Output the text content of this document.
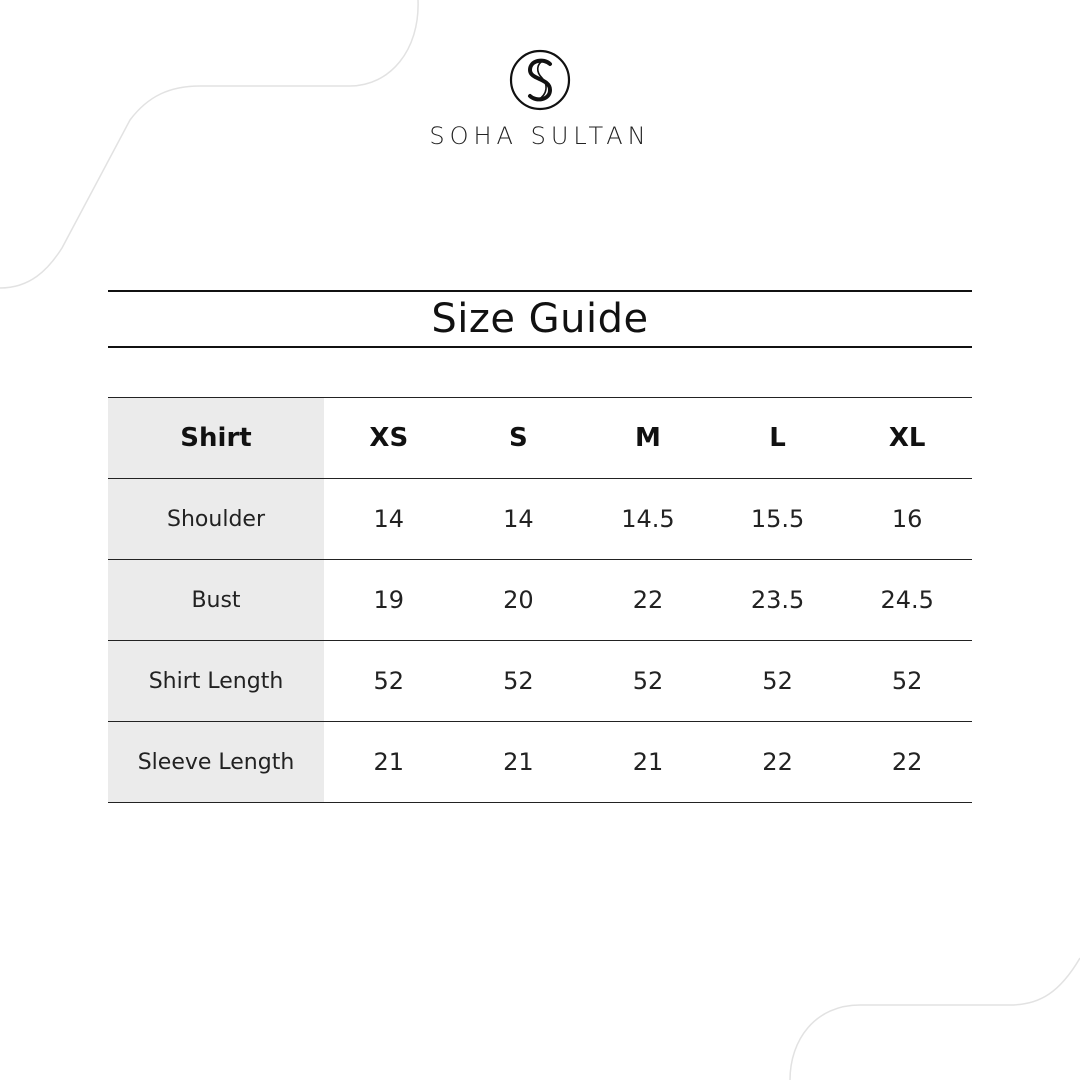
SOHA SULTAN
Size Guide
Shirt	XS	S	M	L	XL
Shoulder	14	14	14.5	15.5	16
Bust	19	20	22	23.5	24.5
Shirt Length	52	52	52	52	52
Sleeve Length	21	21	21	22	22
